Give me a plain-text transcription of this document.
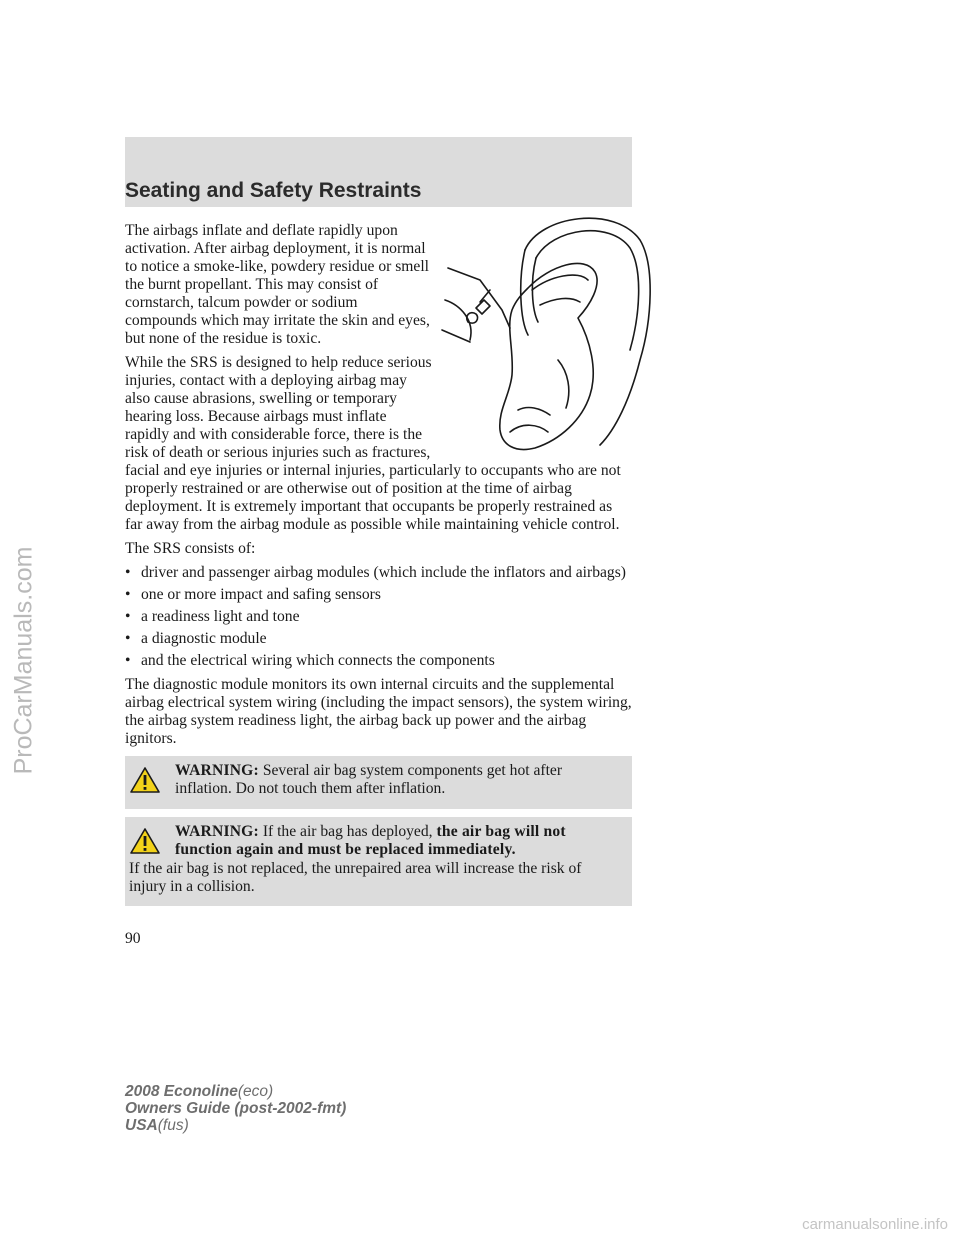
ProCarManuals.com
Seating and Safety Restraints

The airbags inflate and deflate rapidly upon activation. After airbag deployment, it is normal to notice a smoke-like, powdery residue or smell the burnt propellant. This may consist of cornstarch, talcum powder or sodium compounds which may irritate the skin and eyes, but none of the residue is toxic.

While the SRS is designed to help reduce serious injuries, contact with a deploying airbag may also cause abrasions, swelling or temporary hearing loss. Because airbags must inflate rapidly and with considerable force, there is the risk of death or serious injuries such as fractures, facial and eye injuries or internal injuries, particularly to occupants who are not properly restrained or are otherwise out of position at the time of airbag deployment. It is extremely important that occupants be properly restrained as far away from the airbag module as possible while maintaining vehicle control.

The SRS consists of:

• driver and passenger airbag modules (which include the inflators and airbags)
• one or more impact and safing sensors
• a readiness light and tone
• a diagnostic module
• and the electrical wiring which connects the components

The diagnostic module monitors its own internal circuits and the supplemental airbag electrical system wiring (including the impact sensors), the system wiring, the airbag system readiness light, the airbag back up power and the airbag ignitors.

WARNING: Several air bag system components get hot after inflation. Do not touch them after inflation.
WARNING: If the air bag has deployed, the air bag will not function again and must be replaced immediately.
If the air bag is not replaced, the unrepaired area will increase the risk of injury in a collision.
90
2008 Econoline(eco)
Owners Guide (post-2002-fmt)
USA(fus)
carmanualsonline.info
